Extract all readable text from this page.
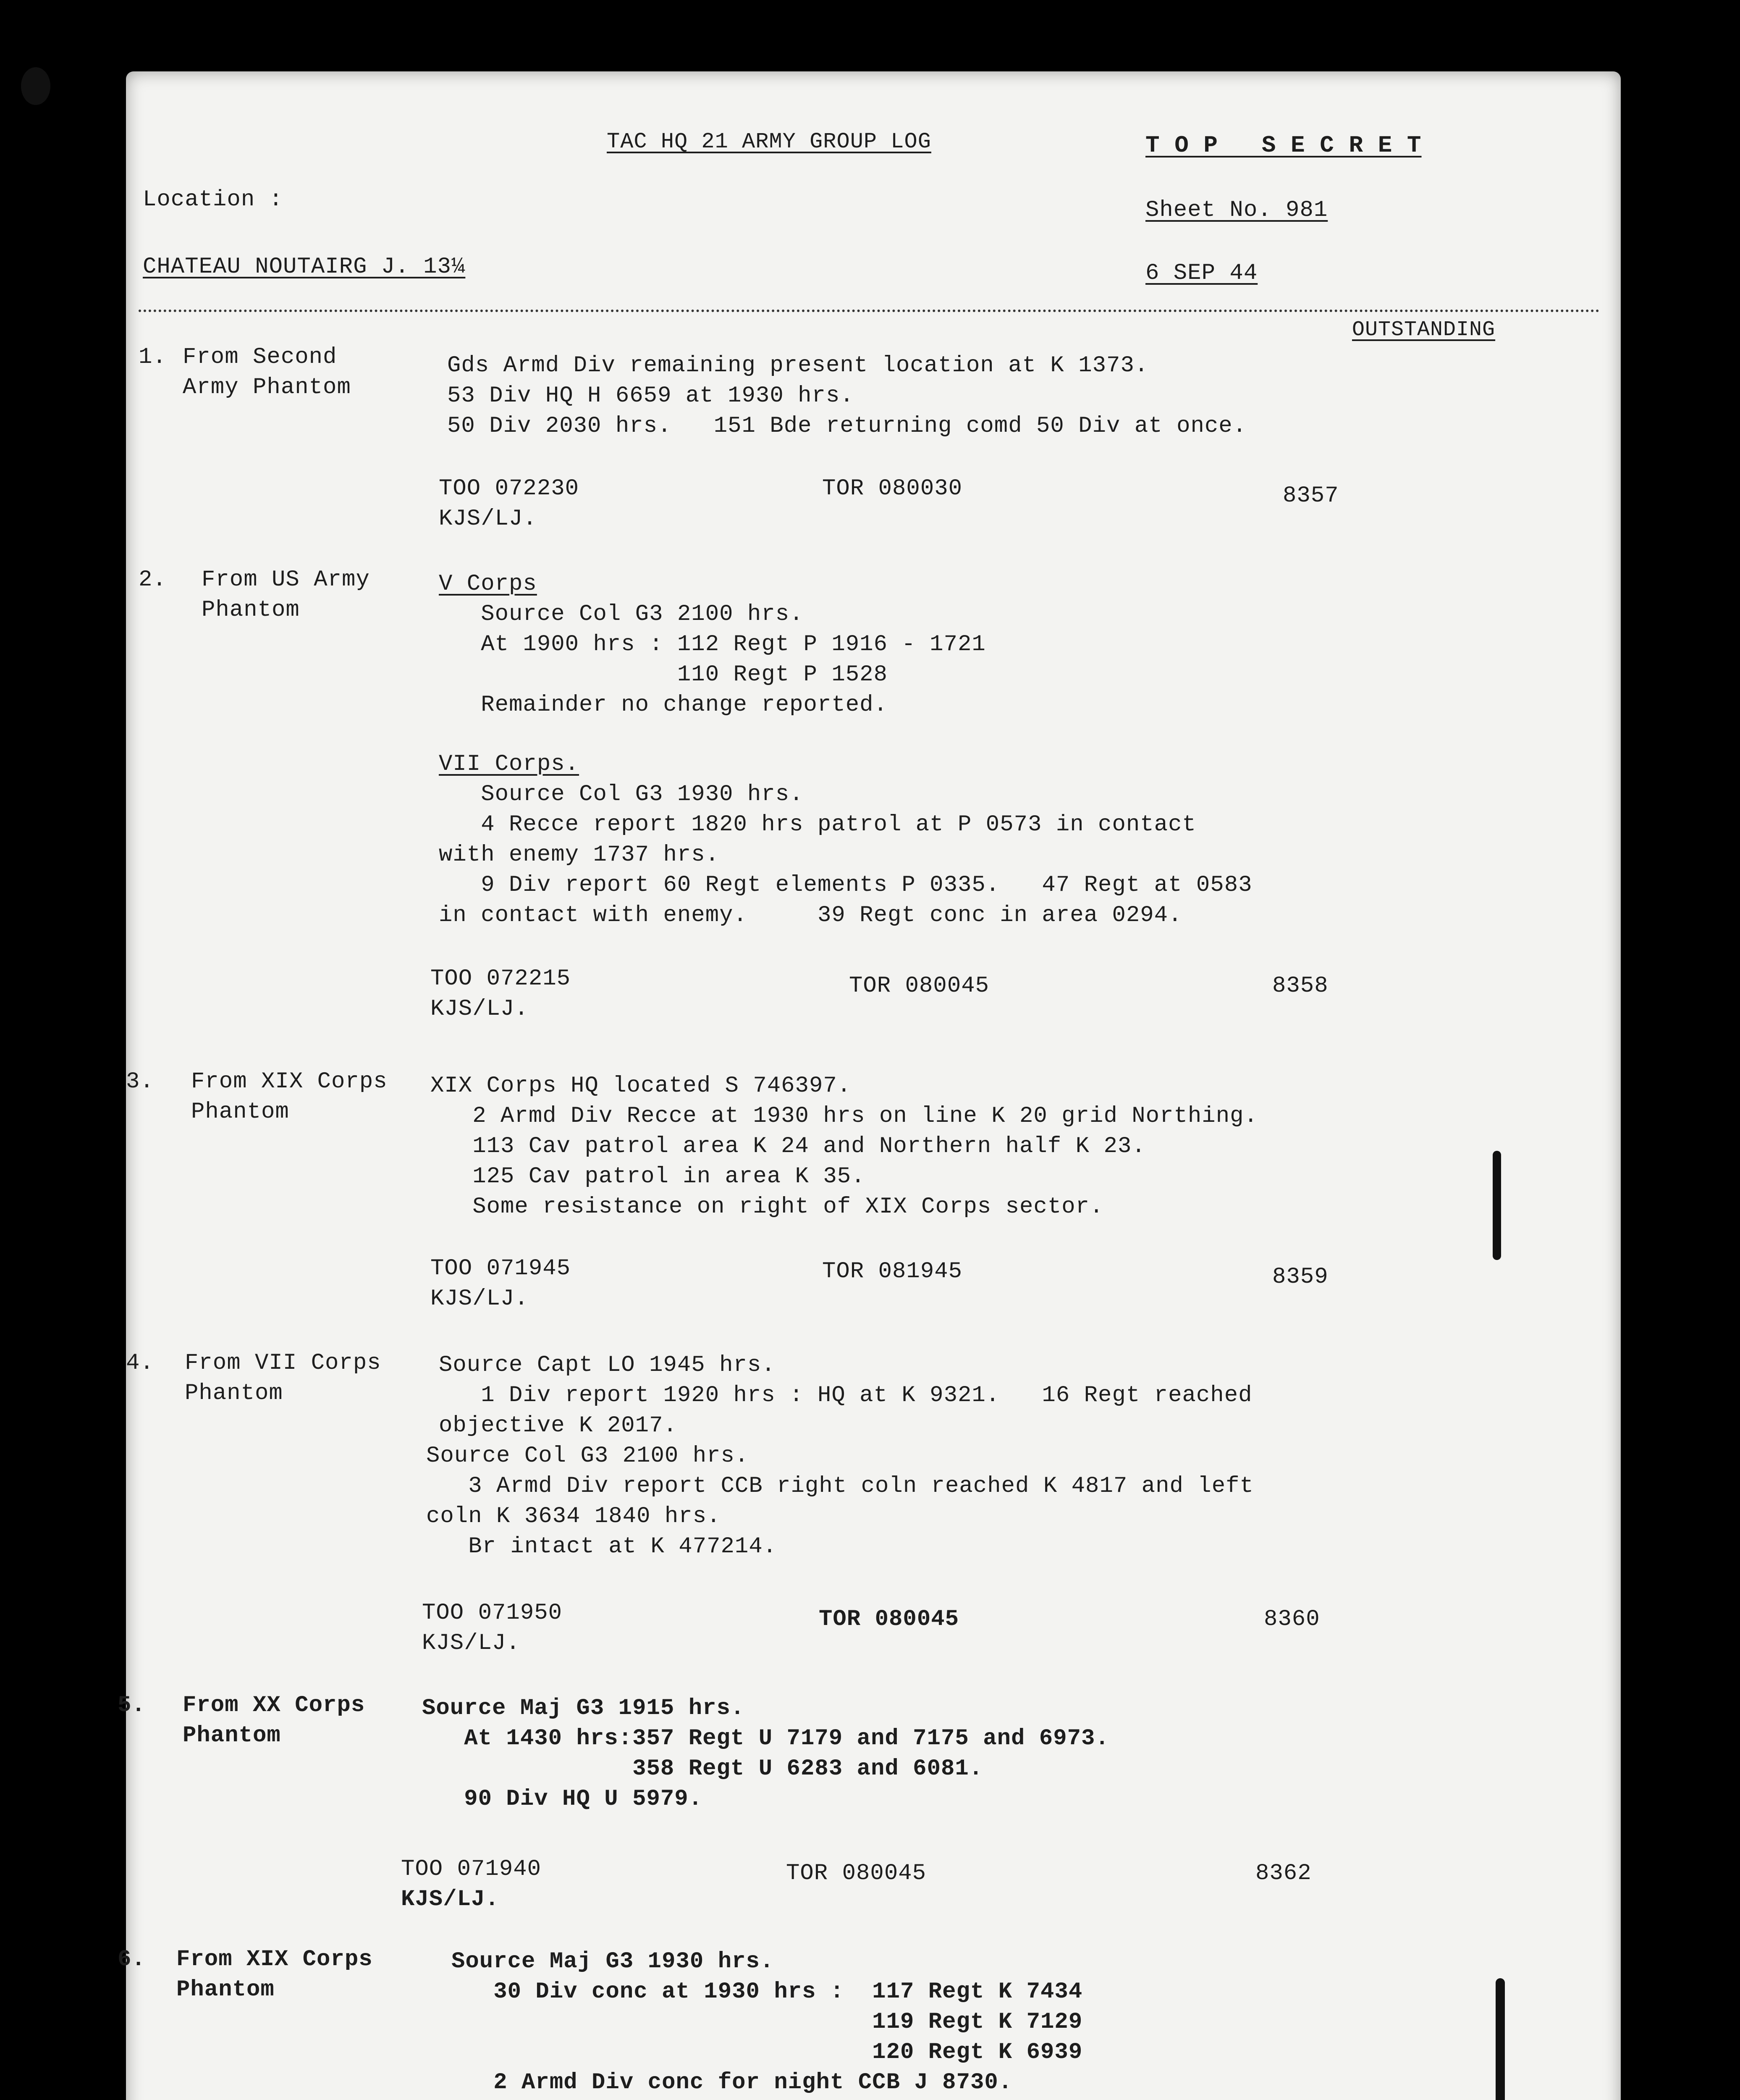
TAC HQ 21 ARMY GROUP LOG	T O P   S E C R E T
Location :	Sheet No. 981
CHATEAU NOUTAIRG J. 13¼	6 SEP 44
OUTSTANDING
1. From Second
Army Phantom
Gds Armd Div remaining present location at K 1373.
53 Div HQ H 6659 at 1930 hrs.
50 Div 2030 hrs.   151 Bde returning comd 50 Div at once.
TOO 072230
KJS/LJ.
TOR 080030	8357
2. From US Army
Phantom
V Corps
Source Col G3 2100 hrs.
At 1900 hrs : 112 Regt P 1916 - 1721
110 Regt P 1528
Remainder no change reported.
VII Corps.
Source Col G3 1930 hrs.
4 Recce report 1820 hrs patrol at P 0573 in contact
with enemy 1737 hrs.
9 Div report 60 Regt elements P 0335.   47 Regt at 0583
in contact with enemy.     39 Regt conc in area 0294.
TOO 072215
KJS/LJ.
TOR 080045	8358
3. From XIX Corps
Phantom
XIX Corps HQ located S 746397.
2 Armd Div Recce at 1930 hrs on line K 20 grid Northing.
113 Cav patrol area K 24 and Northern half K 23.
125 Cav patrol in area K 35.
Some resistance on right of XIX Corps sector.
TOO 071945
KJS/LJ.
TOR 081945	8359
4. From VII Corps
Phantom
Source Capt LO 1945 hrs.
1 Div report 1920 hrs : HQ at K 9321.   16 Regt reached
objective K 2017.
Source Col G3 2100 hrs.
3 Armd Div report CCB right coln reached K 4817 and left
coln K 3634 1840 hrs.
Br intact at K 477214.
TOO 071950
KJS/LJ.
TOR 080045	8360
5. From XX Corps
Phantom
Source Maj G3 1915 hrs.
At 1430 hrs:357 Regt U 7179 and 7175 and 6973.
358 Regt U 6283 and 6081.
90 Div HQ U 5979.
TOO 071940
KJS/LJ.
TOR 080045	8362
6. From XIX Corps
Phantom
Source Maj G3 1930 hrs.
30 Div conc at 1930 hrs :  117 Regt K 7434
119 Regt K 7129
120 Regt K 6939
2 Armd Div conc for night CCB J 8730.
